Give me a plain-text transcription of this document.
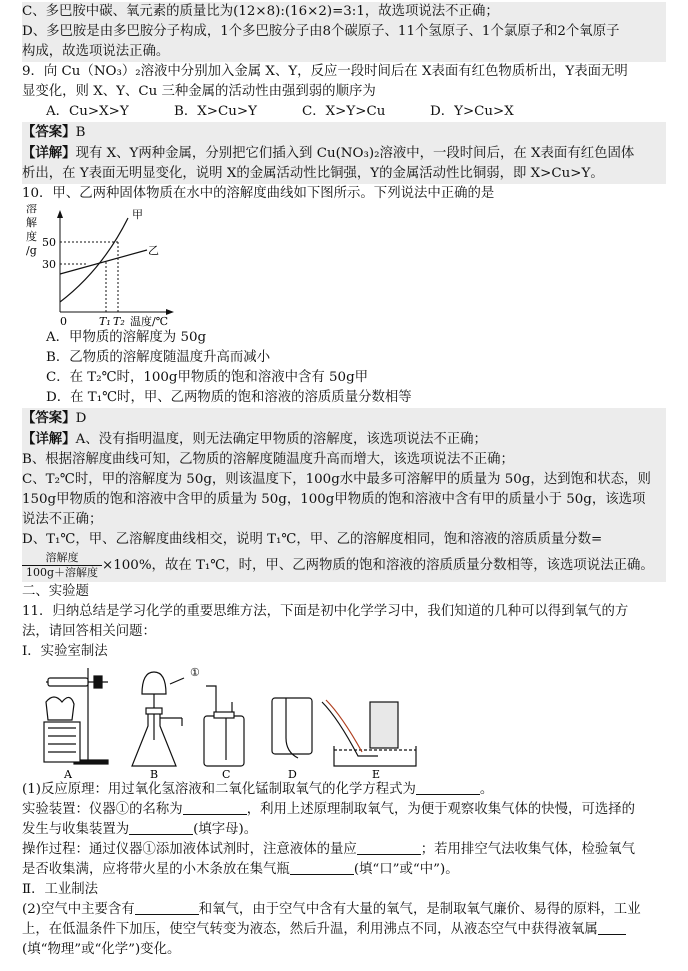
C、多巴胺中碳、氧元素的质量比为(12×8):(16×2)=3:1，故选项说法不正确；
D、多巴胺是由多巴胺分子构成，1个多巴胺分子由8个碳原子、11个氢原子、1个氯原子和2个氧原子
构成，故选项说法正确。
9．向 Cu（NO₃）₂溶液中分别加入金属 X、Y，反应一段时间后在 X表面有红色物质析出，Y表面无明
显变化，则 X、Y、Cu 三种金属的活动性由强到弱的顺序为
A．Cu>X>Y	B．X>Cu>Y	C．X>Y>Cu	D．Y>Cu>X
【答案】B
【详解】现有 X、Y两种金属，分别把它们插入到 Cu(NO₃)₂溶液中，一段时间后，在 X表面有红色固体
析出，在 Y表面无明显变化，说明 X的金属活动性比铜强，Y的金属活动性比铜弱，即 X>Cu>Y。
10．甲、乙两种固体物质在水中的溶解度曲线如下图所示。下列说法中正确的是
溶
解
度
/g
50
30
0	T₁ T₂ 温度/℃
甲
乙
A．甲物质的溶解度为 50g
B．乙物质的溶解度随温度升高而减小
C．在 T₂℃时，100g甲物质的饱和溶液中含有 50g甲
D．在 T₁℃时，甲、乙两物质的饱和溶液的溶质质量分数相等
【答案】D
【详解】A、没有指明温度，则无法确定甲物质的溶解度，该选项说法不正确；
B、根据溶解度曲线可知，乙物质的溶解度随温度升高而增大，该选项说法不正确；
C、T₂℃时，甲的溶解度为 50g，则该温度下，100g水中最多可溶解甲的质量为 50g，达到饱和状态，则
150g甲物质的饱和溶液中含甲的质量为 50g，100g甲物质的饱和溶液中含有甲的质量小于 50g，该选项
说法不正确；
D、T₁℃，甲、乙溶解度曲线相交，说明 T₁℃，甲、乙的溶解度相同，饱和溶液的溶质质量分数=
$\frac{\text{溶解度}}{\text{100g＋溶解度}} \times 100\%$，故在 T₁℃，时，甲、乙两物质的饱和溶液的溶质质量分数相等，该选项说法正确。
二、实验题
11．归纳总结是学习化学的重要思维方法，下面是初中化学学习中，我们知道的几种可以得到氧气的方
法，请回答相关问题：
Ⅰ．实验室制法
①
A	B	C	D	E
(1)反应原理：用过氧化氢溶液和二氧化锰制取氧气的化学方程式为	。
实验装置：仪器①的名称为	，利用上述原理制取氧气，为便于观察收集气体的快慢，可选择的
发生与收集装置为	(填字母)。
操作过程：通过仪器①添加液体试剂时，注意液体的量应	；若用排空气法收集气体，检验氧气
是否收集满，应将带火星的小木条放在集气瓶	(填“口”或“中”)。
Ⅱ．工业制法
(2)空气中主要含有	和氧气，由于空气中含有大量的氧气，是制取氧气廉价、易得的原料，工业
上，在低温条件下加压，使空气转变为液态，然后升温，利用沸点不同，从液态空气中获得液氧属
(填“物理”或“化学”)变化。
